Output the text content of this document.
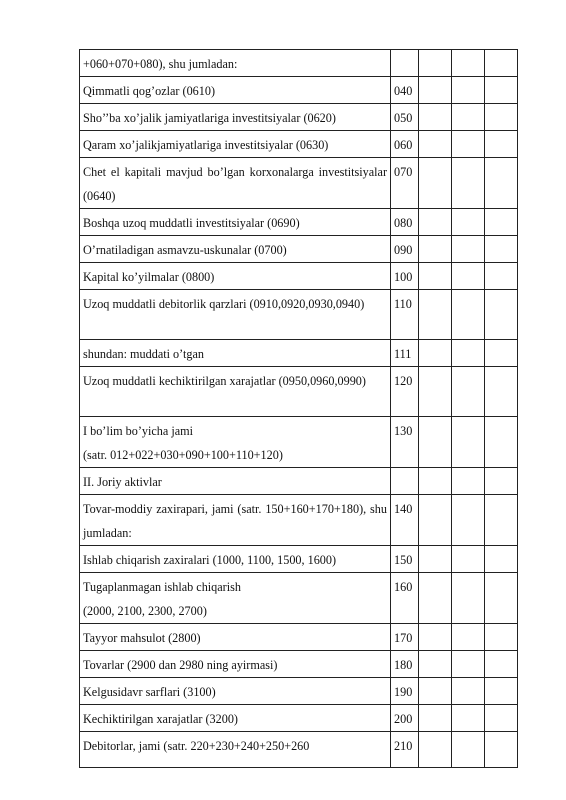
+060+070+080), shu jumladan:				
Qimmatli qog’ozlar (0610)	040			
Sho’’ba xo’jalik jamiyatlariga investitsiyalar (0620)	050			
Qaram xo’jalikjamiyatlariga investitsiyalar (0630)	060			
Chet el kapitali mavjud bo’lgan korxonalarga investitsiyalar (0640)	070			
Boshqa uzoq muddatli investitsiyalar (0690)	080			
O’rnatiladigan asmavzu-uskunalar (0700)	090			
Kapital ko’yilmalar (0800)	100			
Uzoq muddatli debitorlik qarzlari (0910,0920,0930,0940)	110			
shundan: muddati o’tgan	111			
Uzoq muddatli kechiktirilgan xarajatlar (0950,0960,0990)	120			
I bo’lim bo’yicha jami
(satr. 012+022+030+090+100+110+120)	130			
II. Joriy aktivlar				
Tovar-moddiy zaxirapari, jami (satr. 150+160+170+180), shu jumladan:	140			
Ishlab chiqarish zaxiralari (1000, 1100, 1500, 1600)	150			
Tugaplanmagan ishlab chiqarish
(2000, 2100, 2300, 2700)	160			
Tayyor mahsulot (2800)	170			
Tovarlar (2900 dan 2980 ning ayirmasi)	180			
Kelgusidavr sarflari (3100)	190			
Kechiktirilgan xarajatlar (3200)	200			
Debitorlar, jami (satr. 220+230+240+250+260	210			
